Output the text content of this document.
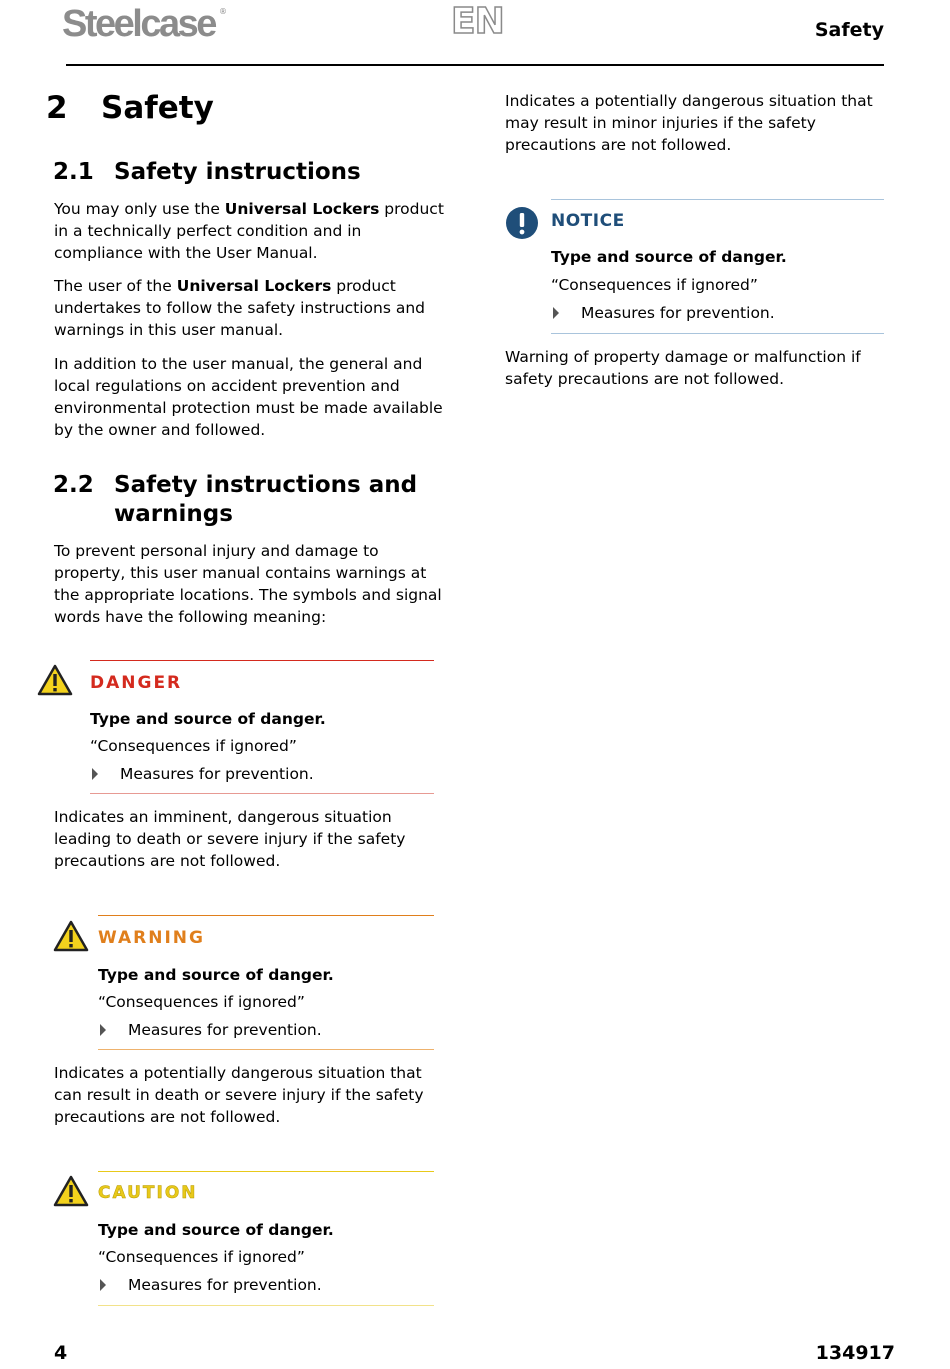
Steelcase ®	EN	Safety
2 Safety
2.1 Safety instructions
You may only use the Universal Lockers product in a technically perfect condition and in compliance with the User Manual.
The user of the Universal Lockers product undertakes to follow the safety instructions and warnings in this user manual.
In addition to the user manual, the general and local regulations on accident prevention and environmental protection must be made available by the owner and followed.
2.2 Safety instructions and
warnings
To prevent personal injury and damage to property, this user manual contains warnings at the appropriate locations. The symbols and signal words have the following meaning:
DANGER
Type and source of danger.
“Consequences if ignored”
Measures for prevention.
Indicates an imminent, dangerous situation leading to death or severe injury if the safety precautions are not followed.
WARNING
Type and source of danger.
“Consequences if ignored”
Measures for prevention.
Indicates a potentially dangerous situation that can result in death or severe injury if the safety precautions are not followed.
CAUTION
Type and source of danger.
“Consequences if ignored”
Measures for prevention.
Indicates a potentially dangerous situation that may result in minor injuries if the safety precautions are not followed.
NOTICE
Type and source of danger.
“Consequences if ignored”
Measures for prevention.
Warning of property damage or malfunction if safety precautions are not followed.
4	134917
